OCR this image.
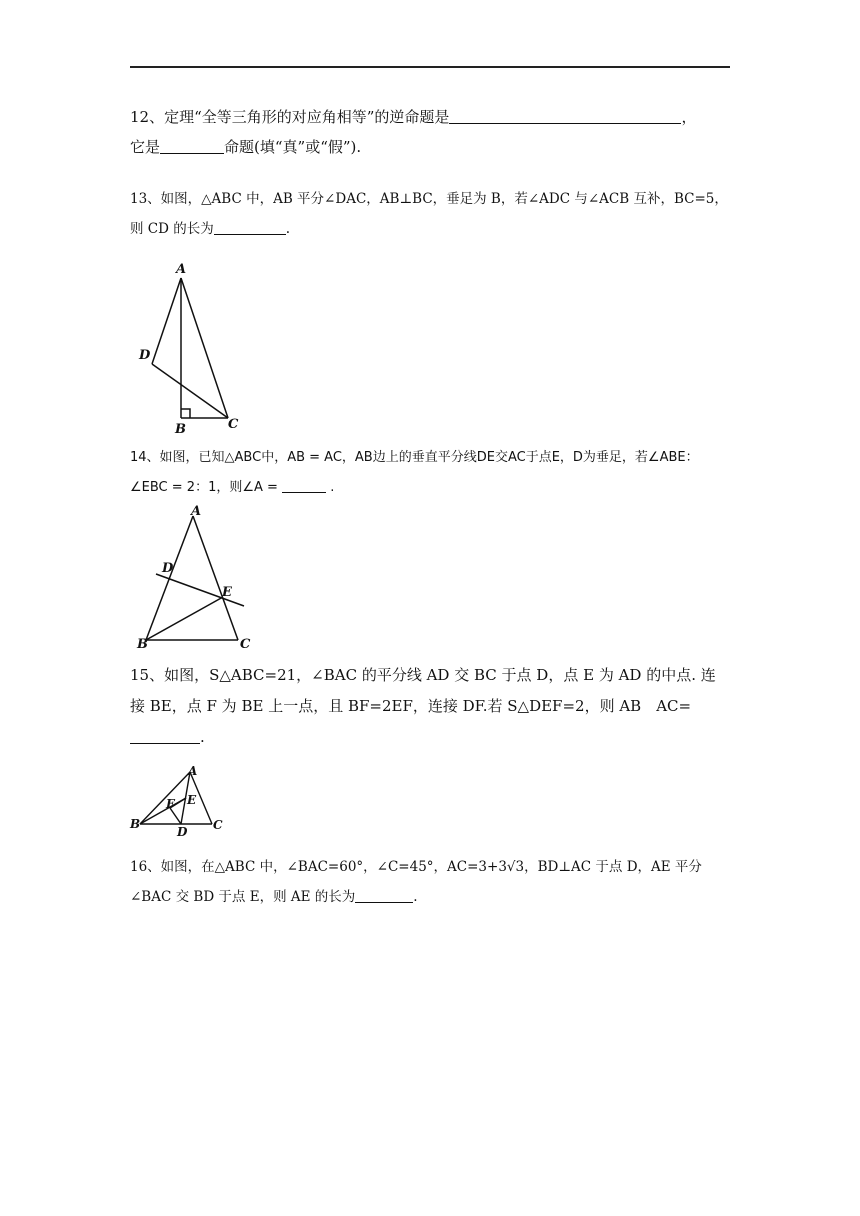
12、定理“全等三角形的对应角相等”的逆命题是	，
它是	命题(填“真”或“假”).
13、如图，△ABC 中，AB 平分∠DAC，AB⊥BC，垂足为 B，若∠ADC 与∠ACB 互补，BC=5，
则 CD 的长为	.
A
D
B	C
14、如图，已知△ABC中，AB = AC，AB边上的垂直平分线DE交AC于点E，D为垂足，若∠ABE：
∠EBC = 2：1，则∠A =	.
A
D
E
B	C
15、如图，S△ABC=21，∠BAC 的平分线 AD 交 BC 于点 D，点 E 为 AD 的中点. 连
接 BE，点 F 为 BE 上一点，且 BF=2EF，连接 DF.若 S△DEF=2，则 AB　AC=
.
A
E
F
B
D C
16、如图，在△ABC 中，∠BAC=60°，∠C=45°，AC=3+3√3，BD⊥AC 于点 D，AE 平分
∠BAC 交 BD 于点 E，则 AE 的长为	.
